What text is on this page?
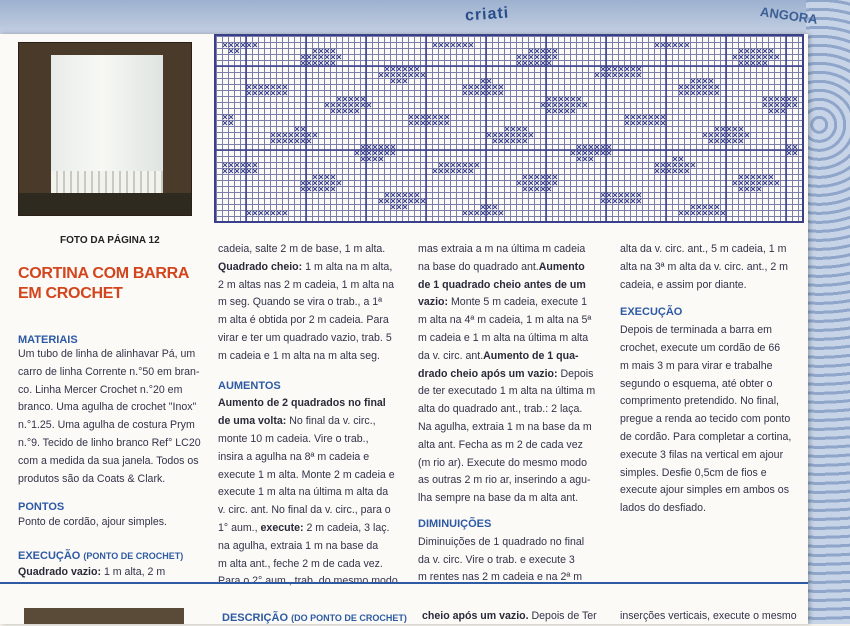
criati	ANGORA
FOTO DA PÁGINA 12
CORTINA COM BARRA
EM CROCHET
MATERIAIS
Um tubo de linha de alinhavar Pá, um
carro de linha Corrente n.°50 em bran-
co. Linha Mercer Crochet n.°20 em
branco. Uma agulha de crochet "Inox"
n.°1.25. Uma agulha de costura Prym
n.°9. Tecido de linho branco Ref° LC20
com a medida da sua janela. Todos os
produtos são da Coats & Clark.
PONTOS
Ponto de cordão, ajour simples.
EXECUÇÃO (PONTO DE CROCHET)
Quadrado vazio: 1 m alta, 2 m
cadeia, salte 2 m de base, 1 m alta.
Quadrado cheio: 1 m alta na m alta,
2 m altas nas 2 m cadeia, 1 m alta na
m seg. Quando se vira o trab., a 1ª
m alta é obtida por 2 m cadeia. Para
virar e ter um quadrado vazio, trab. 5
m cadeia e 1 m alta na m alta seg.
AUMENTOS
Aumento de 2 quadrados no final
de uma volta: No final da v. circ.,
monte 10 m cadeia. Vire o trab.,
insira a agulha na 8ª m cadeia e
execute 1 m alta. Monte 2 m cadeia e
execute 1 m alta na última m alta da
v. circ. ant. No final da v. circ., para o
1° aum., execute: 2 m cadeia, 3 laç.
na agulha, extraia 1 m na base da
m alta ant., feche 2 m de cada vez.
Para o 2° aum., trab. do mesmo modo
mas extraia a m na última m cadeia
na base do quadrado ant.Aumento
de 1 quadrado cheio antes de um
vazio: Monte 5 m cadeia, execute 1
m alta na 4ª m cadeia, 1 m alta na 5ª
m cadeia e 1 m alta na última m alta
da v. circ. ant.Aumento de 1 qua-
drado cheio após um vazio: Depois
de ter executado 1 m alta na última m
alta do quadrado ant., trab.: 2 laça.
Na agulha, extraia 1 m na base da m
alta ant. Fecha as m 2 de cada vez
(m rio ar). Execute do mesmo modo
as outras 2 m rio ar, inserindo a agu-
lha sempre na base da m alta ant.
DIMINUIÇÕES
Diminuições de 1 quadrado no final
da v. circ. Vire o trab. e execute 3
m rentes nas 2 m cadeia e na 2ª m
alta da v. circ. ant., 5 m cadeia, 1 m
alta na 3ª m alta da v. circ. ant., 2 m
cadeia, e assim por diante.
EXECUÇÃO
Depois de terminada a barra em
crochet, execute um cordão de 66
m mais 3 m para virar e trabalhe
segundo o esquema, até obter o
comprimento pretendido. No final,
pregue a renda ao tecido com ponto
de cordão. Para completar a cortina,
execute 3 filas na vertical em ajour
simples. Desfie 0,5cm de fios e
execute ajour simples em ambos os
lados do desfiado.
DESCRIÇÃO (DO PONTO DE CROCHET) cheio após um vazio. Depois de Ter	inserções verticais, execute o mesmo
